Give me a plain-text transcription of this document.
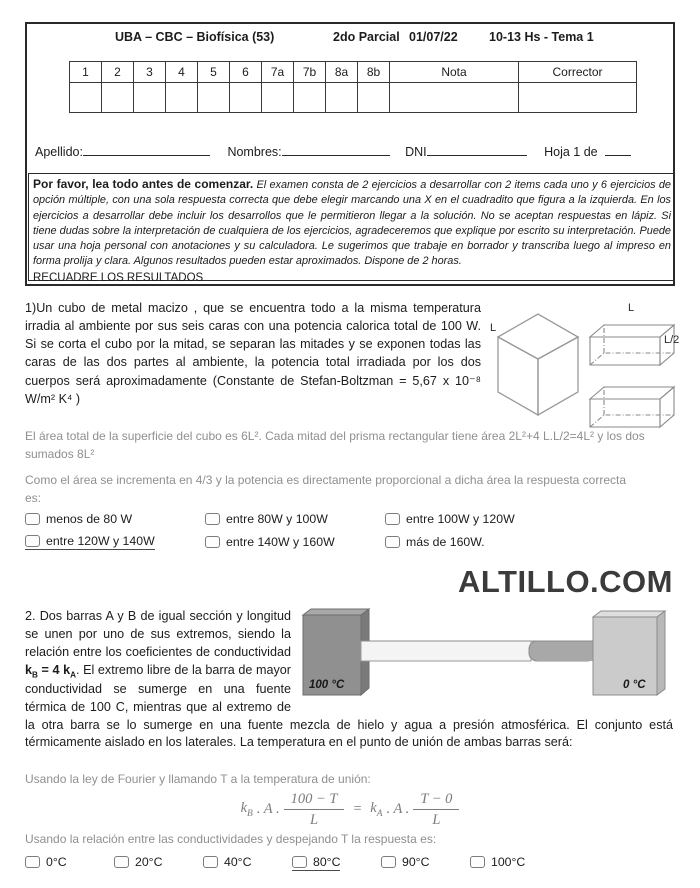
UBA – CBC – Biofísica (53)	2do Parcial 01/07/22	10-13 Hs - Tema 1
1	2	3	4	5	6	7a	7b	8a	8b	Nota	Corrector

Apellido:	Nombres:	DNI	Hoja 1 de
Por favor, lea todo antes de comenzar. El examen consta de 2 ejercicios a desarrollar con 2 items cada uno y 6 ejercicios de opción múltiple, con una sola respuesta correcta que debe elegir marcando una X en el cuadradito que figura a la izquierda. En los ejercicios a desarrollar debe incluir los desarrollos que le permitieron llegar a la solución. No se aceptan respuestas en lápiz. Si tiene dudas sobre la interpretación de cualquiera de los ejercicios, agradeceremos que explique por escrito su interpretación. Puede usar una hoja personal con anotaciones y su calculadora. Le sugerimos que trabaje en borrador y transcriba luego al impreso en forma prolija y clara. Algunos resultados pueden estar aproximados. Dispone de 2 horas.
RECUADRE LOS RESULTADOS
1)Un cubo de metal macizo , que se encuentra todo a la misma temperatura irradia al ambiente por sus seis caras con una potencia calorica total de 100 W. Si se corta el cubo por la mitad, se separan las mitades y se exponen todas las caras de las dos partes al ambiente, la potencia total irradiada por los dos cuerpos será aproximadamente (Constante de Stefan-Boltzman = 5,67 x 10⁻⁸ W/m² K⁴ )
L
L
L/2

El área total de la superficie del cubo es 6L². Cada mitad del prisma rectangular tiene área 2L²+4 L.L/2=4L² y los dos sumados 8L²

Como el área se incrementa en 4/3 y la potencia es directamente proporcional a dicha área la respuesta correcta es:

menos de 80 W	entre 80W y 100W	entre 100W y 120W
entre 120W y 140W	entre 140W y 160W	más de 160W.
ALTILLO.COM
100 °C	0 °C
2. Dos barras A y B de igual sección y longitud se unen por uno de sus extremos, siendo la relación entre los coeficientes de conductividad $k_B = 4$ $k_A$. El extremo libre de la barra de mayor conductividad se sumerge en una fuente térmica de 100 C, mientras que al extremo de la otra barra se lo sumerge en una fuente mezcla de hielo y agua a presión atmosférica. El conjunto está térmicamente aislado en los laterales. La temperatura en el punto de unión de ambas barras será:
Usando la ley de Fourier y llamando T a la temperatura de unión:
$k_B$ . A . $\frac{100 - T}{L} = k_A$ . A . $\frac{T - 0}{L}$
Usando la relación entre las conductividades y despejando T la respuesta es:
0°C	20°C	40°C	80°C	90°C	100°C
